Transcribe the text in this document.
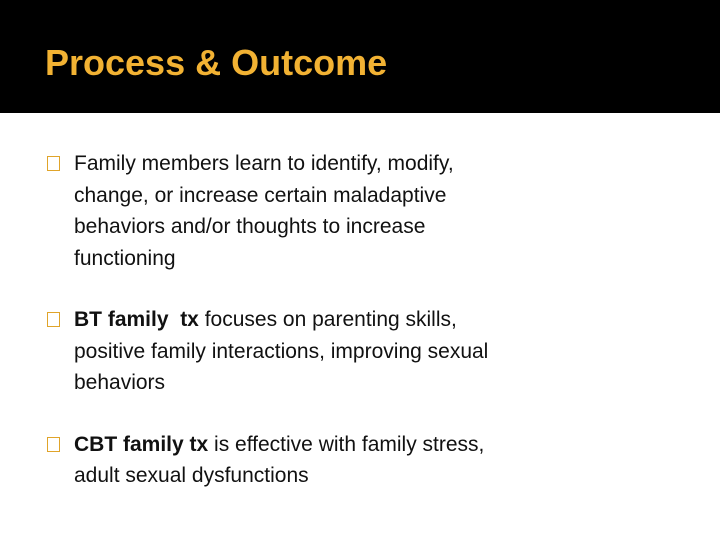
Process & Outcome
Family members learn to identify, modify, change, or increase certain maladaptive behaviors and/or thoughts to increase functioning
BT family  tx focuses on parenting skills, positive family interactions, improving sexual behaviors
CBT family tx is effective with family stress, adult sexual dysfunctions
